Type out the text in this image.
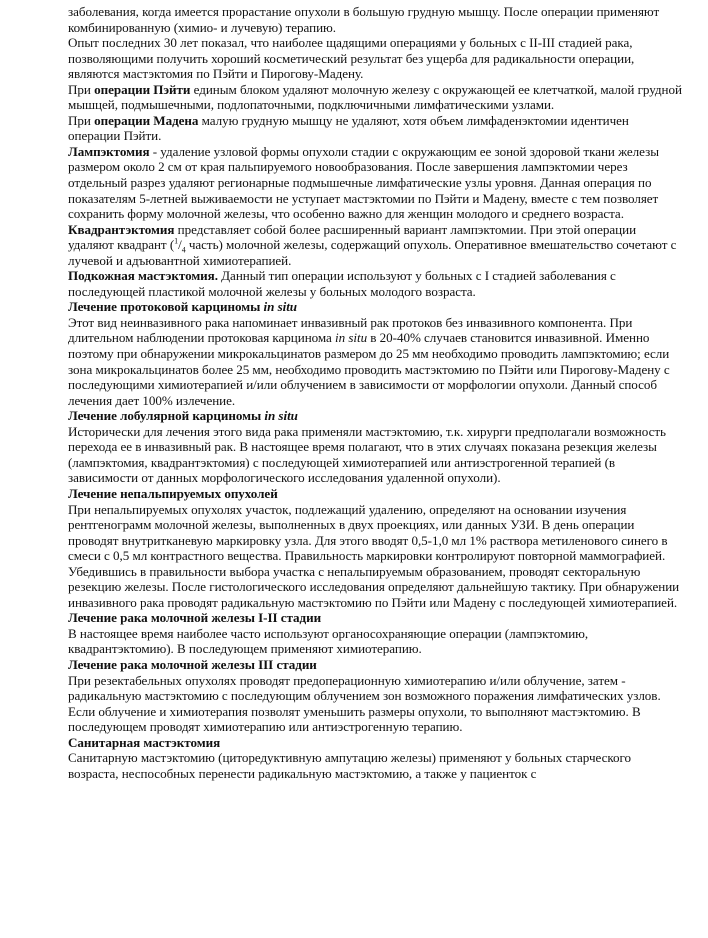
заболевания, когда имеется прорастание опухоли в большую грудную мышцу. После операции применяют комбинированную (химио- и лучевую) терапию.

Опыт последних 30 лет показал, что наиболее щадящими операциями у больных с II-III стадией рака, позволяющими получить хороший косметический результат без ущерба для радикальности операции, являются мастэктомия по Пэйти и Пирогову-Мадену.

При операции Пэйти единым блоком удаляют молочную железу с окружающей ее клетчаткой, малой грудной мышцей, подмышечными, подлопаточными, подключичными лимфатическими узлами.

При операции Мадена малую грудную мышцу не удаляют, хотя объем лимфаденэктомии идентичен операции Пэйти.

Лампэктомия - удаление узловой формы опухоли стадии с окружающим ее зоной здоровой ткани железы размером около 2 см от края пальпируемого новообразования. После завершения лампэктомии через отдельный разрез удаляют регионарные подмышечные лимфатические узлы уровня. Данная операция по показателям 5-летней выживаемости не уступает мастэктомии по Пэйти и Мадену, вместе с тем позволяет сохранить форму молочной железы, что особенно важно для женщин молодого и среднего возраста.

Квадрантэктомия представляет собой более расширенный вариант лампэктомии. При этой операции удаляют квадрант ($^1/_4$ часть) молочной железы, содержащий опухоль. Оперативное вмешательство сочетают с лучевой и адъювантной химиотерапией.

Подкожная мастэктомия. Данный тип операции используют у больных с I стадией заболевания с последующей пластикой молочной железы у больных молодого возраста.

Лечение протоковой карциномы in situ

Этот вид неинвазивного рака напоминает инвазивный рак протоков без инвазивного компонента. При длительном наблюдении протоковая карцинома in situ в 20-40% случаев становится инвазивной. Именно поэтому при обнаружении микрокальцинатов размером до 25 мм необходимо проводить лампэктомию; если зона микрокальцинатов более 25 мм, необходимо проводить мастэктомию по Пэйти или Пирогову-Мадену с последующими химиотерапией и/или облучением в зависимости от морфологии опухоли. Данный способ лечения дает 100% излечение.

Лечение лобулярной карциномы in situ

Исторически для лечения этого вида рака применяли мастэктомию, т.к. хирурги предполагали возможность перехода ее в инвазивный рак. В настоящее время полагают, что в этих случаях показана резекция железы (лампэктомия, квадрантэктомия) с последующей химиотерапией или антиэстрогенной терапией (в зависимости от данных морфологического исследования удаленной опухоли).

Лечение непальпируемых опухолей

При непальпируемых опухолях участок, подлежащий удалению, определяют на основании изучения рентгенограмм молочной железы, выполненных в двух проекциях, или данных УЗИ. В день операции проводят внутритканевую маркировку узла. Для этого вводят 0,5-1,0 мл 1% раствора метиленового синего в смеси с 0,5 мл контрастного вещества. Правильность маркировки контролируют повторной маммографией. Убедившись в правильности выбора участка с непальпируемым образованием, проводят секторальную резекцию железы. После гистологического исследования определяют дальнейшую тактику. При обнаружении инвазивного рака проводят радикальную мастэктомию по Пэйти или Мадену с последующей химиотерапией.

Лечение рака молочной железы I-II стадии

В настоящее время наиболее часто используют органосохраняющие операции (лампэктомию, квадрантэктомию). В последующем применяют химиотерапию.

Лечение рака молочной железы III стадии

При резектабельных опухолях проводят предоперационную химиотерапию и/или облучение, затем - радикальную мастэктомию с последующим облучением зон возможного поражения лимфатических узлов. Если облучение и химиотерапия позволят уменьшить размеры опухоли, то выполняют мастэктомию. В последующем проводят химиотерапию или антиэстрогенную терапию.

Санитарная мастэктомия

Санитарную мастэктомию (циторедуктивную ампутацию железы) применяют у больных старческого возраста, неспособных перенести радикальную мастэктомию, а также у пациенток с
